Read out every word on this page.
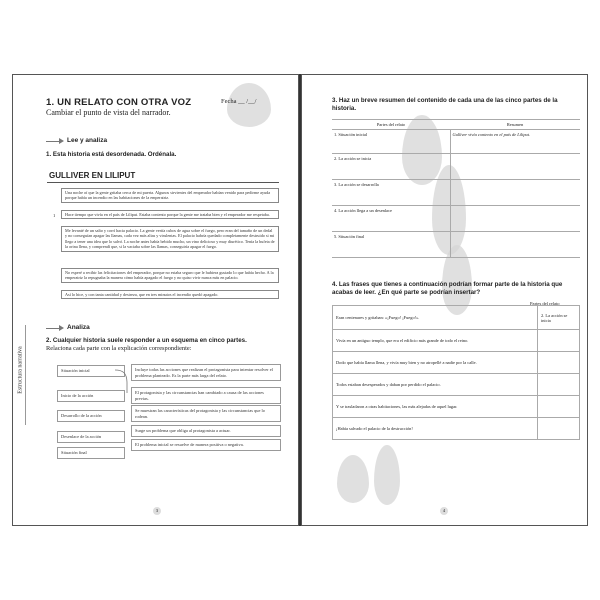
Estructura narrativa
1. UN RELATO CON OTRA VOZ
Cambiar el punto de vista del narrador.
Fecha __ /__/
Lee y analiza
1. Esta historia está desordenada. Ordénala.
GULLIVER EN LILIPUT
Una noche oí que la gente gritaba cerca de mi puerta. Algunos sirvientes del emperador habían venido para pedirme ayuda porque había un incendio en las habitaciones de la emperatriz.
1	Hace tiempo que vivía en el país de Liliput. Estaba contento porque la gente me trataba bien y el emperador me respetaba.
Me levanté de un salto y corrí hacia palacio. La gente vertía cubos de agua sobre el fuego, pero eran del tamaño de un dedal y no conseguían apagar las llamas, cada vez más altas y virulentas. El palacio habría quedado completamente destruido si mi llego a tener una idea que lo salvó. La noche antes había bebido mucho, un vino delicioso y muy diurético. Tenía la bufeta de la orina llena, y comprendí que, si la vaciaba sobre las llamas, conseguiría apagar el fuego.
No esperé a recibir las felicitaciones del emperador, porque no estaba seguro que le hubiera gustado lo que había hecho. A la emperatriz la repugnaba la manera cómo había apagado el fuego y no quiso vivir nunca más en palacio.
Así lo hice, y con tanta cantidad y destreza, que en tres minutos el incendio quedó apagado.
Analiza
2. Cualquier historia suele responder a un esquema en cinco partes.
Relaciona cada parte con la explicación correspondiente:
Situación inicial
Inicio de la acción
Desarrollo de la acción
Desenlace de la acción
Situación final
Incluye todas las acciones que realizan el protagonista para intentar resolver el problema planteado. Es la parte más larga del relato.
El protagonista y las circunstancias han cambiado a causa de las acciones previas.
Se muestran las características del protagonista y las circunstancias que lo rodean.
Surge un problema que obliga al protagonista a actuar.
El problema inicial se resuelve de manera positiva o negativa.
3
3. Haz un breve resumen del contenido de cada una de las cinco partes de la historia.
Partes del relato	Resumen
1. Situación inicial	Gulliver vivía contento en el país de Liliput.
2. La acción se inicia	
3. La acción se desarrolla	
4. La acción llega a un desenlace	
5. Situación final	
4. Las frases que tienes a continuación podrían formar parte de la historia que acabas de leer. ¿En qué parte se podrían insertar?
Partes del relato
Eran centenares y gritaban: «¡Fuego! ¡Fuego!».	2. La acción se inicia
Vivía en un antiguo templo, que era el edificio más grande de todo el reino.	
Dodo que había llama llena, y vivía muy bien y no atropellé a nadie por la calle.	
Todos estaban desesperados y daban por perdido el palacio.	
Y se trasladaron a otras habitaciones, las más alejadas de aquel lugar.	
¡Había salvado el palacio de la destrucción!	
4
